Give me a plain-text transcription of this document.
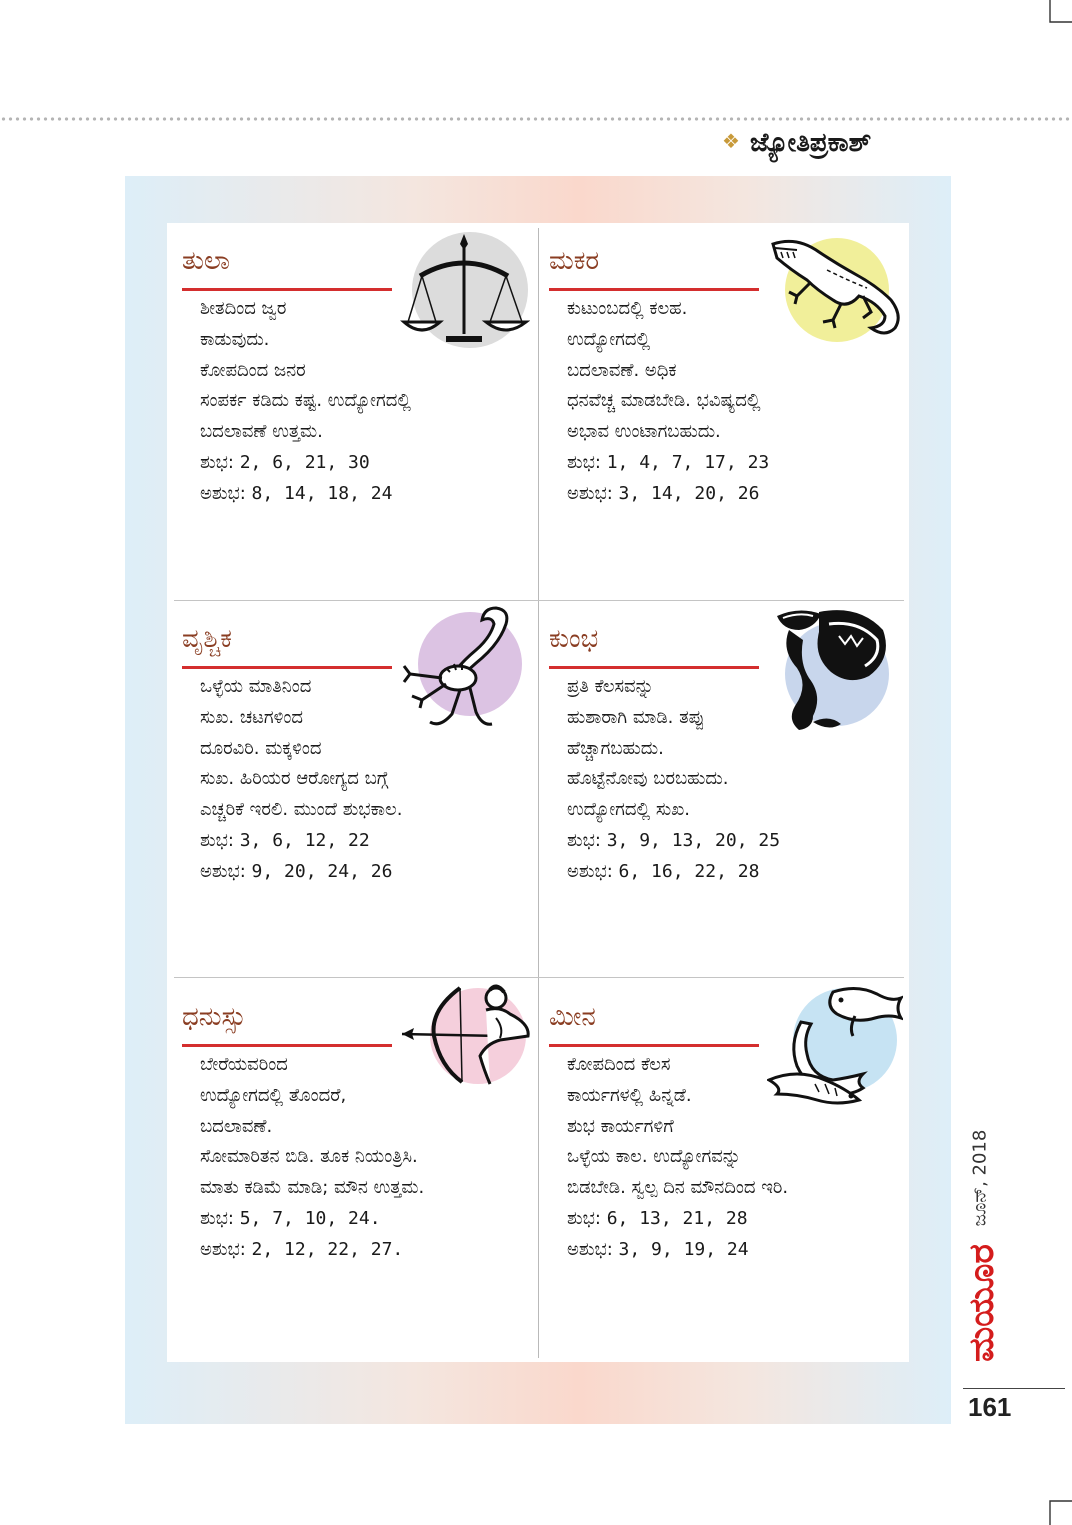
❖ ಜ್ಯೋತಿಪ್ರಕಾಶ್
ತುಲಾ
ಶೀತದಿಂದ ಜ್ವರ
ಕಾಡುವುದು.
ಕೋಪದಿಂದ ಜನರ
ಸಂಪರ್ಕ ಕಡಿದು ಕಷ್ಟ. ಉದ್ಯೋಗದಲ್ಲಿ
ಬದಲಾವಣೆ ಉತ್ತಮ.
ಶುಭ: 2, 6, 21, 30
ಅಶುಭ: 8, 14, 18, 24
ಮಕರ
ಕುಟುಂಬದಲ್ಲಿ ಕಲಹ.
ಉದ್ಯೋಗದಲ್ಲಿ
ಬದಲಾವಣೆ. ಅಧಿಕ
ಧನವೆಚ್ಚ ಮಾಡಬೇಡಿ. ಭವಿಷ್ಯದಲ್ಲಿ
ಅಭಾವ ಉಂಟಾಗಬಹುದು.
ಶುಭ: 1, 4, 7, 17, 23
ಅಶುಭ: 3, 14, 20, 26
ವೃಶ್ಚಿಕ
ಒಳ್ಳೆಯ ಮಾತಿನಿಂದ
ಸುಖ. ಚಟಗಳಿಂದ
ದೂರವಿರಿ. ಮಕ್ಕಳಿಂದ
ಸುಖ. ಹಿರಿಯರ ಆರೋಗ್ಯದ ಬಗ್ಗೆ
ಎಚ್ಚರಿಕೆ ಇರಲಿ. ಮುಂದೆ ಶುಭಕಾಲ.
ಶುಭ: 3, 6, 12, 22
ಅಶುಭ: 9, 20, 24, 26
ಕುಂಭ
ಪ್ರತಿ ಕೆಲಸವನ್ನು
ಹುಶಾರಾಗಿ ಮಾಡಿ. ತಪ್ಪು
ಹೆಚ್ಚಾಗಬಹುದು.
ಹೊಟ್ಟೆನೋವು ಬರಬಹುದು.
ಉದ್ಯೋಗದಲ್ಲಿ ಸುಖ.
ಶುಭ: 3, 9, 13, 20, 25
ಅಶುಭ: 6, 16, 22, 28
ಧನುಸ್ಸು
ಬೇರೆಯವರಿಂದ
ಉದ್ಯೋಗದಲ್ಲಿ ತೊಂದರೆ,
ಬದಲಾವಣೆ.
ಸೋಮಾರಿತನ ಬಿಡಿ. ತೂಕ ನಿಯಂತ್ರಿಸಿ.
ಮಾತು ಕಡಿಮೆ ಮಾಡಿ; ಮೌನ ಉತ್ತಮ.
ಶುಭ: 5, 7, 10, 24.
ಅಶುಭ: 2, 12, 22, 27.
ಮೀನ
ಕೋಪದಿಂದ ಕೆಲಸ
ಕಾರ್ಯಗಳಲ್ಲಿ ಹಿನ್ನಡೆ.
ಶುಭ ಕಾರ್ಯಗಳಿಗೆ
ಒಳ್ಳೆಯ ಕಾಲ. ಉದ್ಯೋಗವನ್ನು
ಬಿಡಬೇಡಿ. ಸ್ವಲ್ಪ ದಿನ ಮೌನದಿಂದ ಇರಿ.
ಶುಭ: 6, 13, 21, 28
ಅಶುಭ: 3, 9, 19, 24
ಮಯೂರ
ಜೂನ್, 2018
161
